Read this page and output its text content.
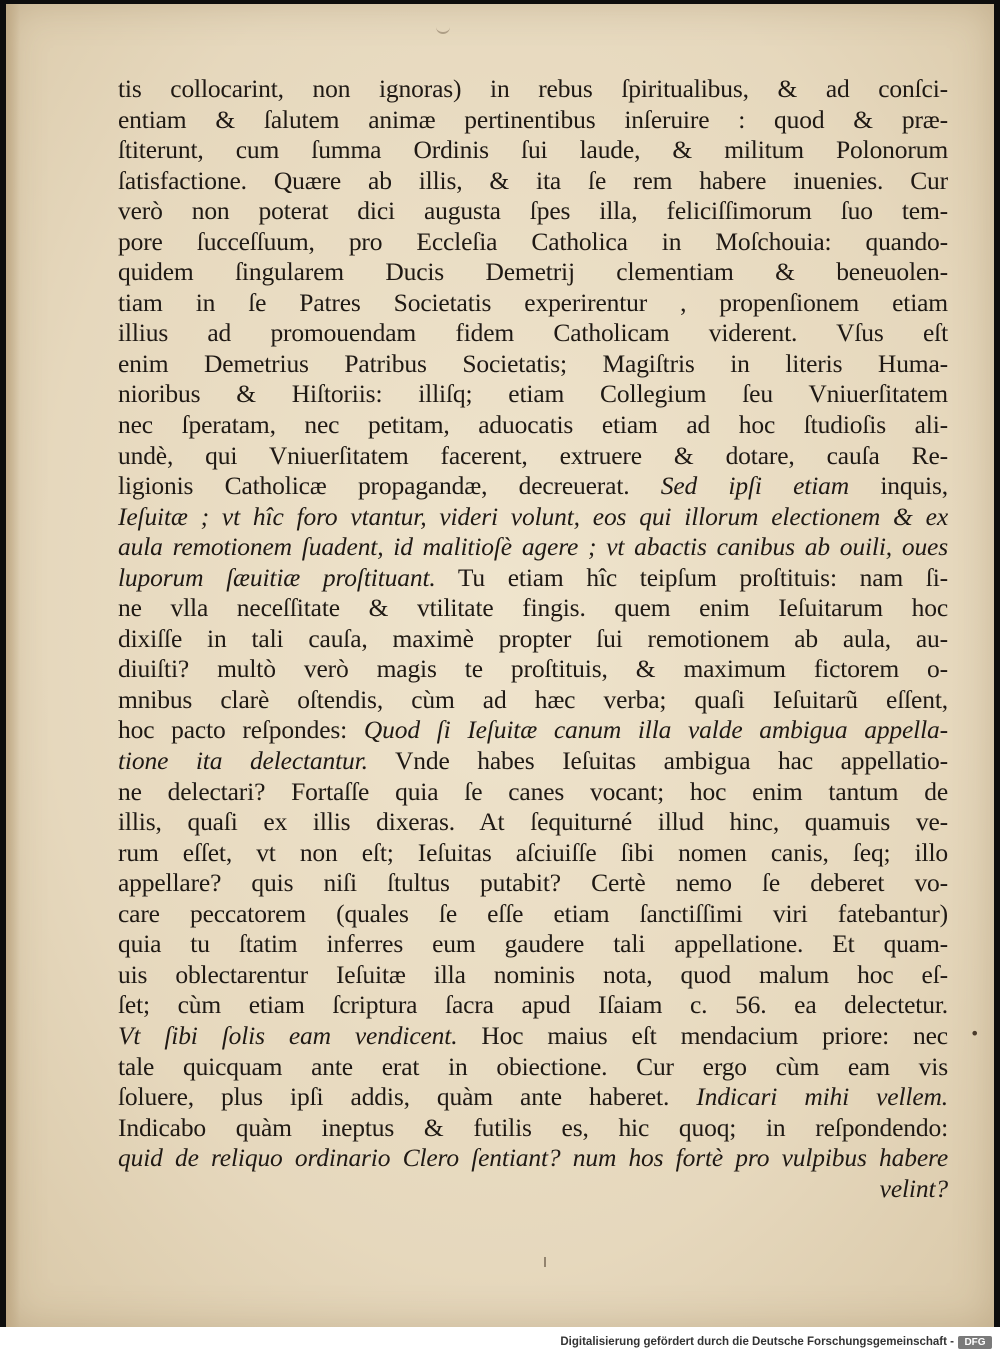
tis collocarint, non ignoras) in rebus ſpiritualibus, & ad conſci-
entiam & ſalutem animæ pertinentibus inſeruire : quod & præ-
ſtiterunt, cum ſumma Ordinis ſui laude, & militum Polonorum
ſatisfactione. Quære ab illis, & ita ſe rem habere inuenies. Cur
verò non poterat dici augusta ſpes illa, feliciſſimorum ſuo tem-
pore ſucceſſuum, pro Eccleſia Catholica in Moſchouia: quando-
quidem ſingularem Ducis Demetrij clementiam & beneuolen-
tiam in ſe Patres Societatis experirentur , propenſionem etiam
illius ad promouendam fidem Catholicam viderent. Vſus eſt
enim Demetrius Patribus Societatis; Magiſtris in literis Huma-
nioribus & Hiſtoriis: illiſq; etiam Collegium ſeu Vniuerſitatem
nec ſperatam, nec petitam, aduocatis etiam ad hoc ſtudioſis ali-
undè, qui Vniuerſitatem facerent, extruere & dotare, cauſa Re-
ligionis Catholicæ propagandæ, decreuerat. Sed ipſi etiam inquis,
Ieſuitæ ; vt hîc foro vtantur, videri volunt, eos qui illorum electionem & ex
aula remotionem ſuadent, id malitioſè agere ; vt abactis canibus ab ouili, oues
luporum ſæuitiæ proſtituant. Tu etiam hîc teipſum proſtituis: nam ſi-
ne vlla neceſſitate & vtilitate fingis. quem enim Ieſuitarum hoc
dixiſſe in tali cauſa, maximè propter ſui remotionem ab aula, au-
diuiſti? multò verò magis te proſtituis, & maximum fictorem o-
mnibus clarè oſtendis, cùm ad hæc verba; quaſi Ieſuitarũ eſſent,
hoc pacto reſpondes: Quod ſi Ieſuitæ canum illa valde ambigua appella-
tione ita delectantur. Vnde habes Ieſuitas ambigua hac appellatio-
ne delectari? Fortaſſe quia ſe canes vocant; hoc enim tantum de
illis, quaſi ex illis dixeras. At ſequiturné illud hinc, quamuis ve-
rum eſſet, vt non eſt; Ieſuitas aſciuiſſe ſibi nomen canis, ſeq; illo
appellare? quis niſi ſtultus putabit? Certè nemo ſe deberet vo-
care peccatorem (quales ſe eſſe etiam ſanctiſſimi viri fatebantur)
quia tu ſtatim inferres eum gaudere tali appellatione. Et quam-
uis oblectarentur Ieſuitæ illa nominis nota, quod malum hoc eſ-
ſet; cùm etiam ſcriptura ſacra apud Iſaiam c. 56. ea delectetur.
Vt ſibi ſolis eam vendicent. Hoc maius eſt mendacium priore: nec
tale quicquam ante erat in obiectione. Cur ergo cùm eam vis
ſoluere, plus ipſi addis, quàm ante haberet. Indicari mihi vellem.
Indicabo quàm ineptus & futilis es, hic quoq; in reſpondendo:
quid de reliquo ordinario Clero ſentiant? num hos fortè pro vulpibus habere
velint?
•
Digitalisierung gefördert durch die Deutsche Forschungsgemeinschaft -	DFG
